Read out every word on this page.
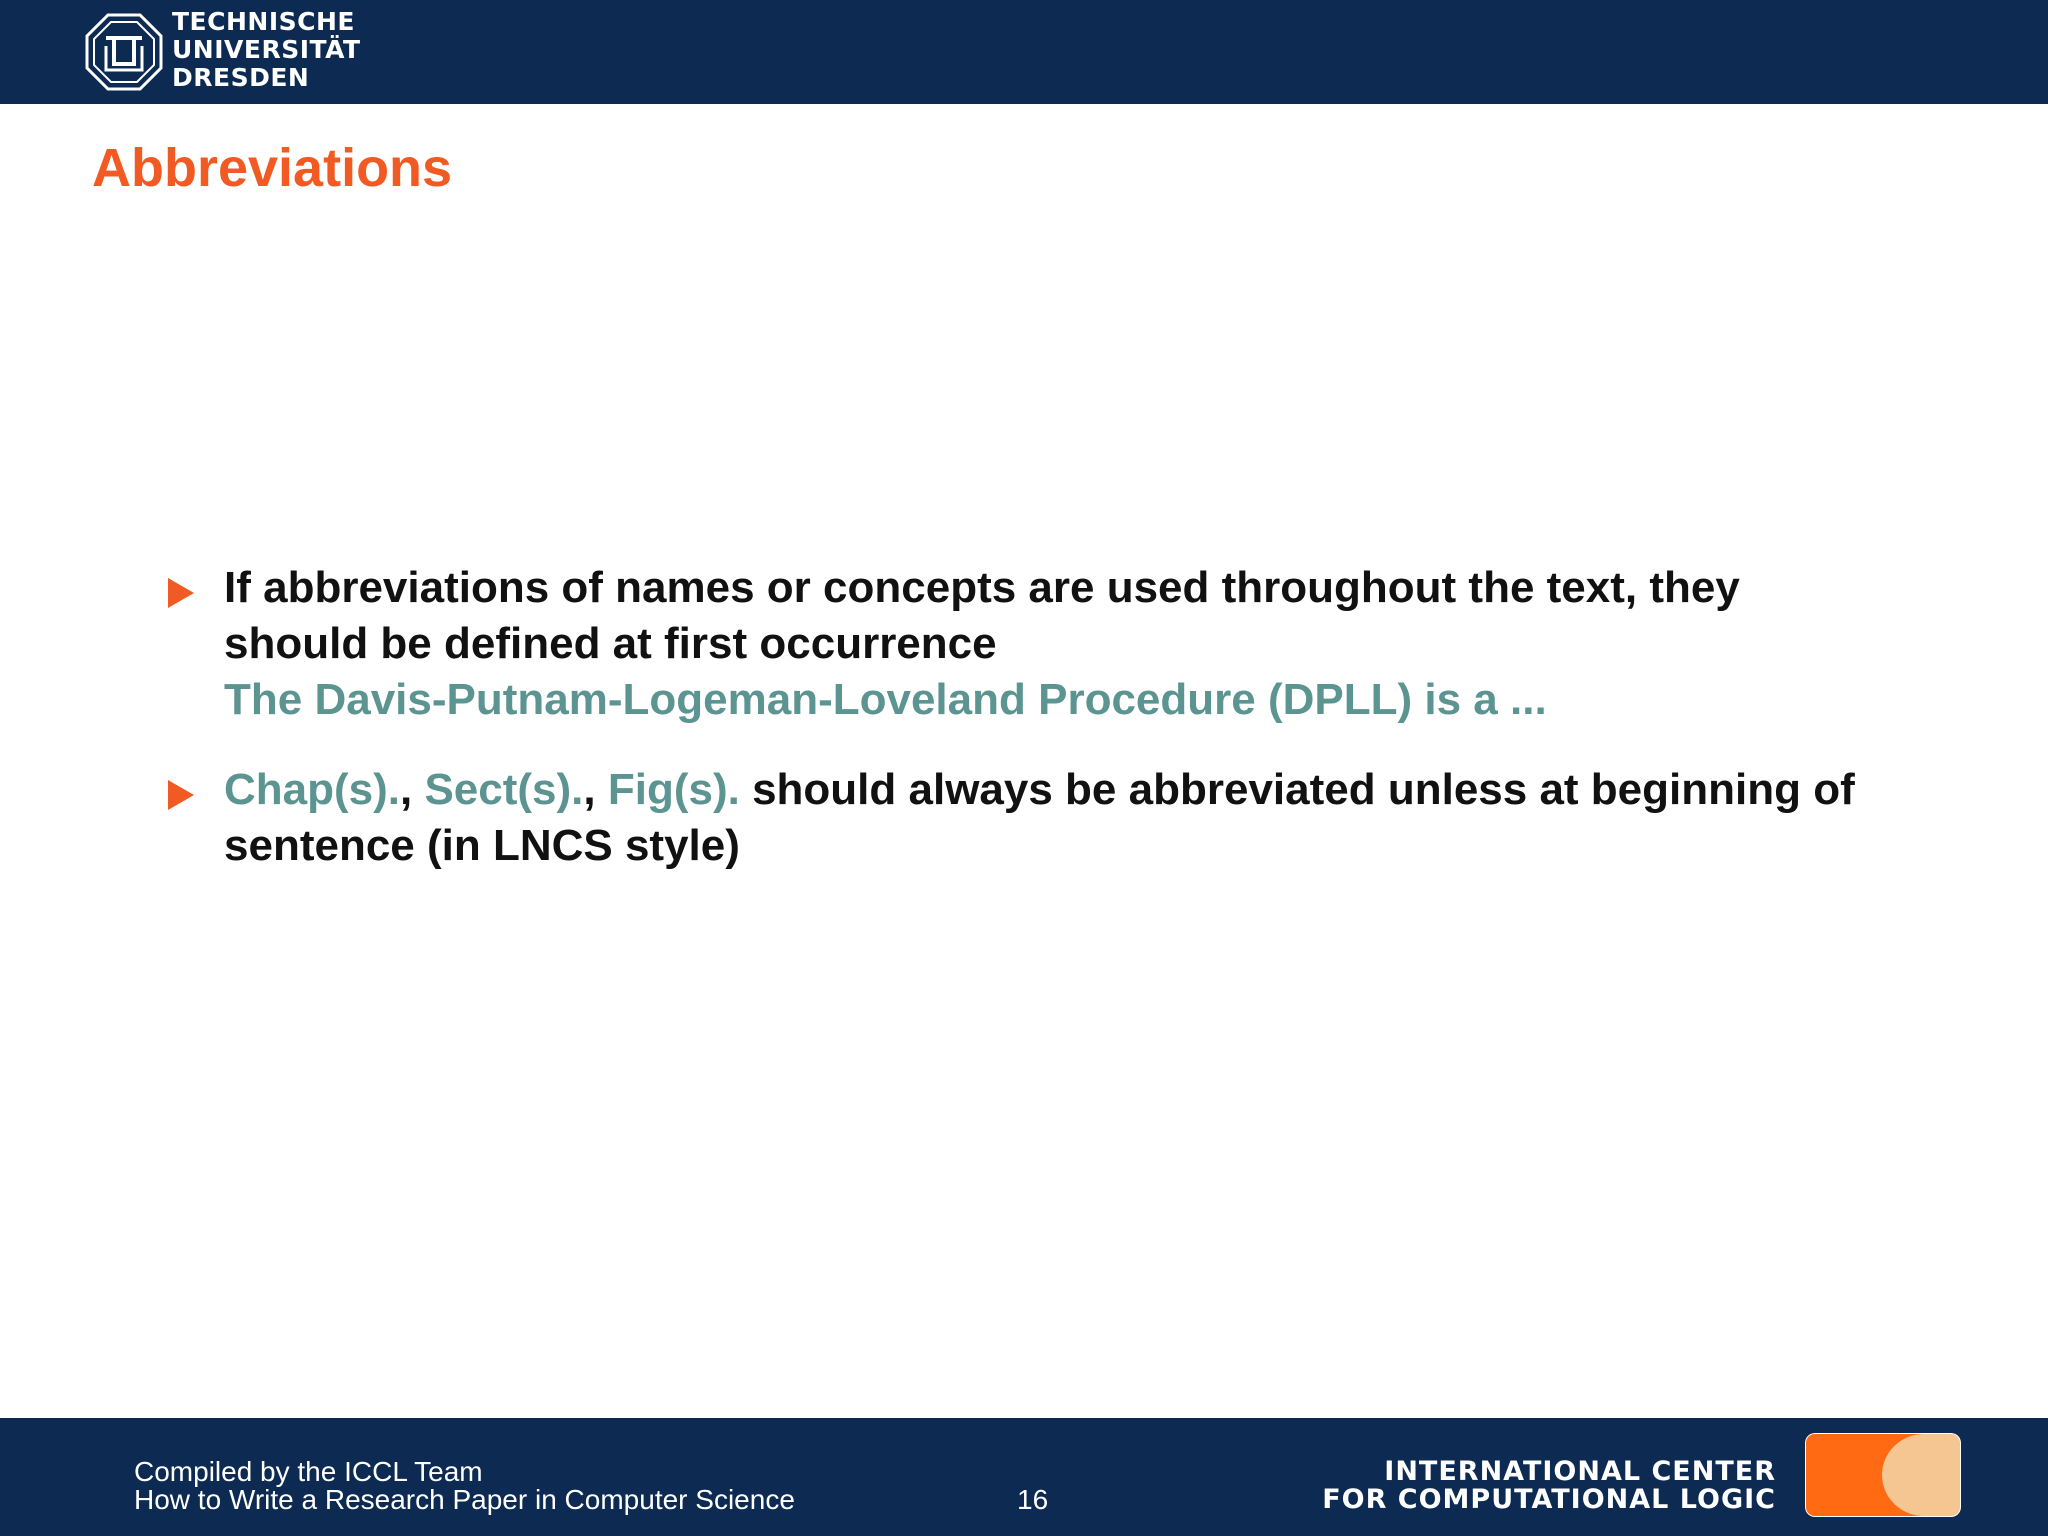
TECHNISCHE
UNIVERSITÄT
DRESDEN
Abbreviations
If abbreviations of names or concepts are used throughout the text, they
should be defined at first occurrence
The Davis-Putnam-Logeman-Loveland Procedure (DPLL) is a ...
Chap(s)., Sect(s)., Fig(s). should always be abbreviated unless at beginning of
sentence (in LNCS style)
Compiled by the ICCL Team
How to Write a Research Paper in Computer Science	16
INTERNATIONAL CENTER
FOR COMPUTATIONAL LOGIC
